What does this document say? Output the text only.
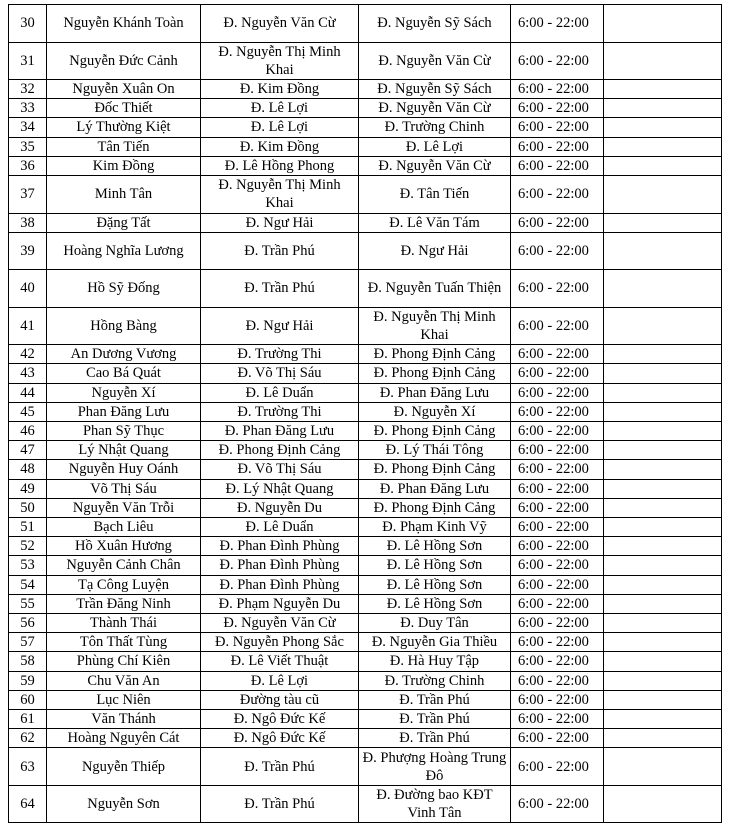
30	Nguyễn Khánh Toàn	Đ. Nguyễn Văn Cừ	Đ. Nguyễn Sỹ Sách	6:00 - 22:00	
31	Nguyễn Đức Cảnh	Đ. Nguyễn Thị Minh Khai	Đ. Nguyễn Văn Cừ	6:00 - 22:00	
32	Nguyễn Xuân On	Đ. Kim Đồng	Đ. Nguyễn Sỹ Sách	6:00 - 22:00	
33	Đốc Thiết	Đ. Lê Lợi	Đ. Nguyễn Văn Cừ	6:00 - 22:00	
34	Lý Thường Kiệt	Đ. Lê Lợi	Đ. Trường Chinh	6:00 - 22:00	
35	Tân Tiến	Đ. Kim Đồng	Đ. Lê Lợi	6:00 - 22:00	
36	Kim Đồng	Đ. Lê Hồng Phong	Đ. Nguyễn Văn Cừ	6:00 - 22:00	
37	Minh Tân	Đ. Nguyễn Thị Minh Khai	Đ. Tân Tiến	6:00 - 22:00	
38	Đặng Tất	Đ. Ngư Hải	Đ. Lê Văn Tám	6:00 - 22:00	
39	Hoàng Nghĩa Lương	Đ. Trần Phú	Đ. Ngư Hải	6:00 - 22:00	
40	Hồ Sỹ Đống	Đ. Trần Phú	Đ. Nguyễn Tuấn Thiện	6:00 - 22:00	
41	Hồng Bàng	Đ. Ngư Hải	Đ. Nguyễn Thị Minh Khai	6:00 - 22:00	
42	An Dương Vương	Đ. Trường Thi	Đ. Phong Định Cảng	6:00 - 22:00	
43	Cao Bá Quát	Đ. Võ Thị Sáu	Đ. Phong Định Cảng	6:00 - 22:00	
44	Nguyễn Xí	Đ. Lê Duẩn	Đ. Phan Đăng Lưu	6:00 - 22:00	
45	Phan Đăng Lưu	Đ. Trường Thi	Đ. Nguyễn Xí	6:00 - 22:00	
46	Phan Sỹ Thục	Đ. Phan Đăng Lưu	Đ. Phong Định Cảng	6:00 - 22:00	
47	Lý Nhật Quang	Đ. Phong Định Cảng	Đ. Lý Thái Tông	6:00 - 22:00	
48	Nguyễn Huy Oánh	Đ. Võ Thị Sáu	Đ. Phong Định Cảng	6:00 - 22:00	
49	Võ Thị Sáu	Đ. Lý Nhật Quang	Đ. Phan Đăng Lưu	6:00 - 22:00	
50	Nguyễn Văn Trỗi	Đ. Nguyễn Du	Đ. Phong Định Cảng	6:00 - 22:00	
51	Bạch Liêu	Đ. Lê Duẩn	Đ. Phạm Kinh Vỹ	6:00 - 22:00	
52	Hồ Xuân Hương	Đ. Phan Đình Phùng	Đ. Lê Hồng Sơn	6:00 - 22:00	
53	Nguyễn Cảnh Chân	Đ. Phan Đình Phùng	Đ. Lê Hồng Sơn	6:00 - 22:00	
54	Tạ Công Luyện	Đ. Phan Đình Phùng	Đ. Lê Hồng Sơn	6:00 - 22:00	
55	Trần Đăng Ninh	Đ. Phạm Nguyễn Du	Đ. Lê Hồng Sơn	6:00 - 22:00	
56	Thành Thái	Đ. Nguyễn Văn Cừ	Đ. Duy Tân	6:00 - 22:00	
57	Tôn Thất Tùng	Đ. Nguyễn Phong Sắc	Đ. Nguyễn Gia Thiều	6:00 - 22:00	
58	Phùng Chí Kiên	Đ. Lê Viết Thuật	Đ. Hà Huy Tập	6:00 - 22:00	
59	Chu Văn An	Đ. Lê Lợi	Đ. Trường Chinh	6:00 - 22:00	
60	Lục Niên	Đường tàu cũ	Đ. Trần Phú	6:00 - 22:00	
61	Văn Thánh	Đ. Ngô Đức Kế	Đ. Trần Phú	6:00 - 22:00	
62	Hoàng Nguyên Cát	Đ. Ngô Đức Kế	Đ. Trần Phú	6:00 - 22:00	
63	Nguyễn Thiếp	Đ. Trần Phú	Đ. Phượng Hoàng Trung Đô	6:00 - 22:00	
64	Nguyễn Sơn	Đ. Trần Phú	Đ. Đường bao KĐT Vinh Tân	6:00 - 22:00	
